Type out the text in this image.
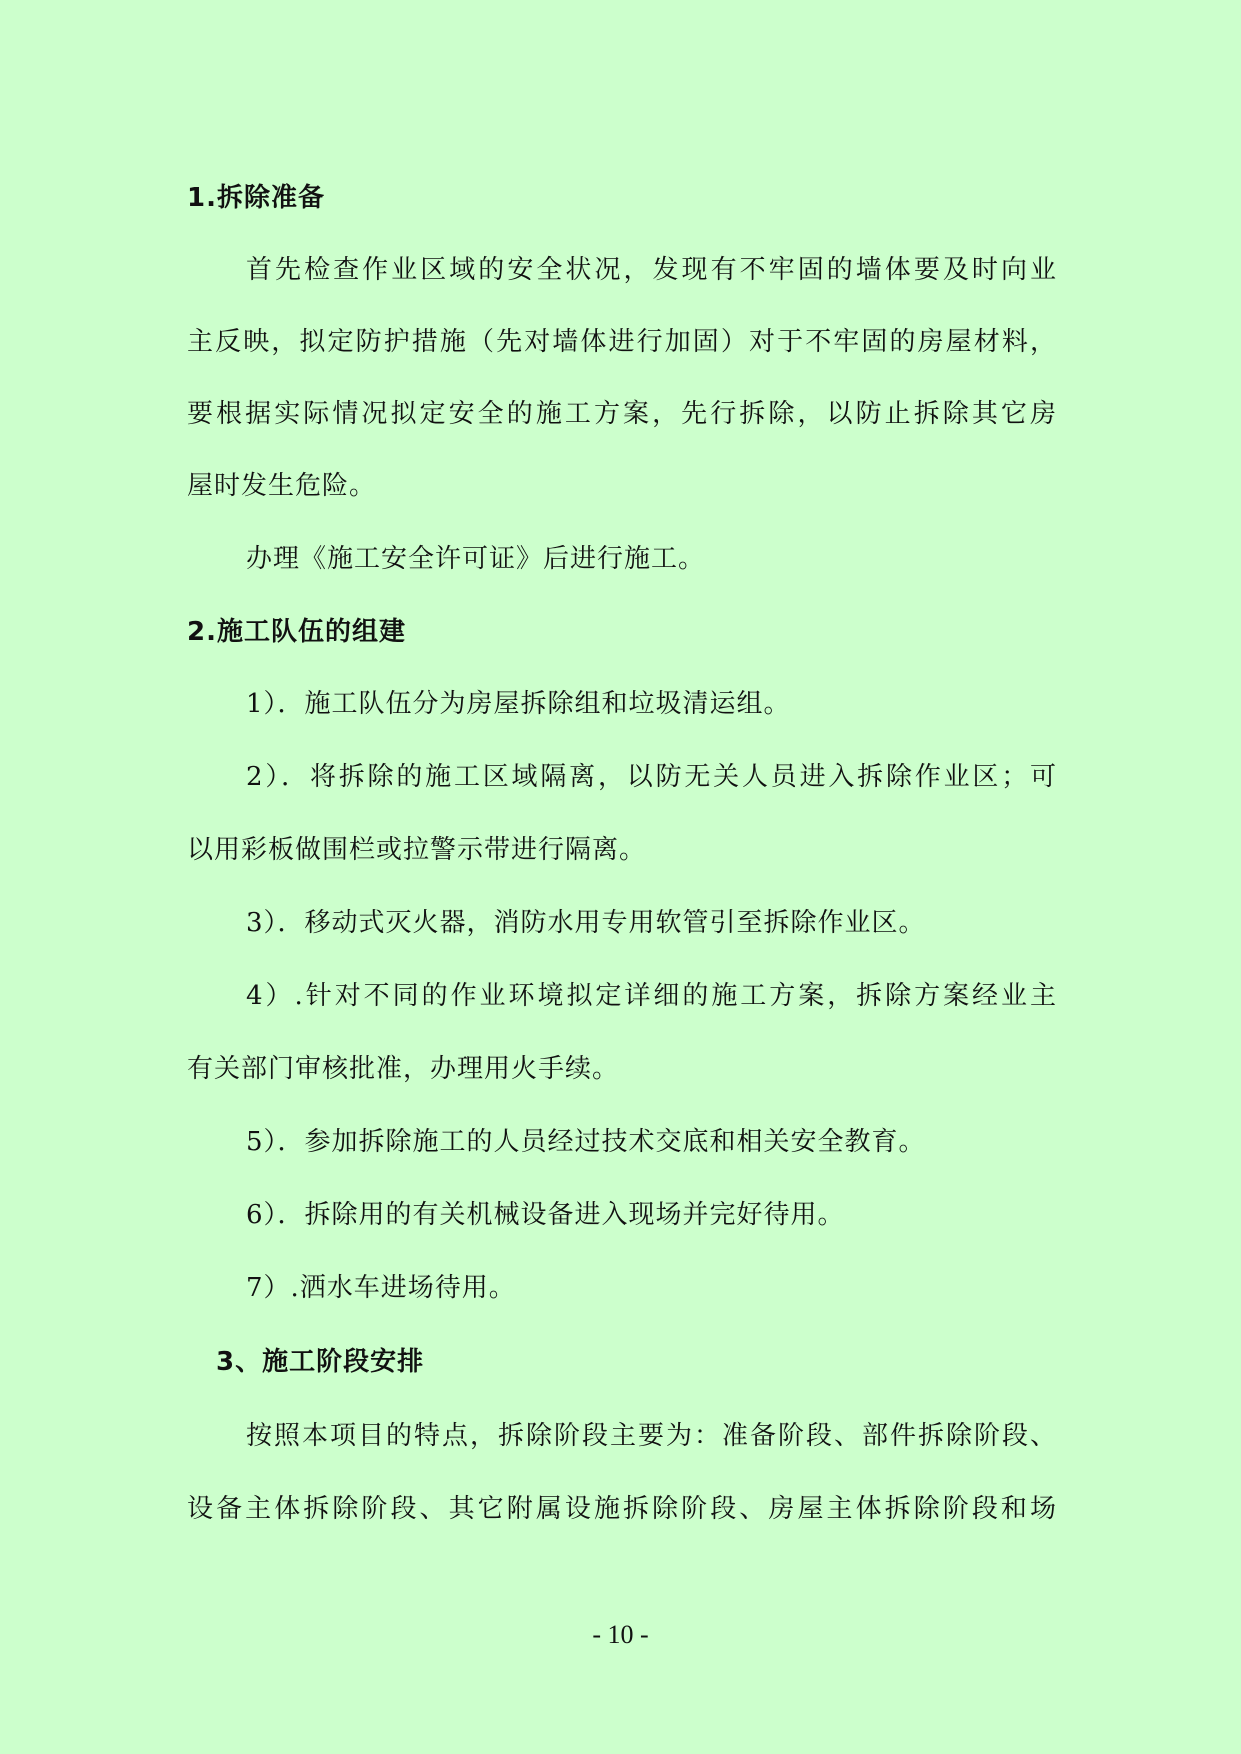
1.拆除准备
首先检查作业区域的安全状况，发现有不牢固的墙体要及时向业
主反映，拟定防护措施（先对墙体进行加固）对于不牢固的房屋材料，
要根据实际情况拟定安全的施工方案，先行拆除，以防止拆除其它房
屋时发生危险。
办理《施工安全许可证》后进行施工。
2.施工队伍的组建
1）．施工队伍分为房屋拆除组和垃圾清运组。
2）．将拆除的施工区域隔离，以防无关人员进入拆除作业区；可
以用彩板做围栏或拉警示带进行隔离。
3）．移动式灭火器，消防水用专用软管引至拆除作业区。
4）.针对不同的作业环境拟定详细的施工方案，拆除方案经业主
有关部门审核批准，办理用火手续。
5）．参加拆除施工的人员经过技术交底和相关安全教育。
6）．拆除用的有关机械设备进入现场并完好待用。
7）.洒水车进场待用。
3、施工阶段安排
按照本项目的特点，拆除阶段主要为：准备阶段、部件拆除阶段、
设备主体拆除阶段、其它附属设施拆除阶段、房屋主体拆除阶段和场
- 10 -
